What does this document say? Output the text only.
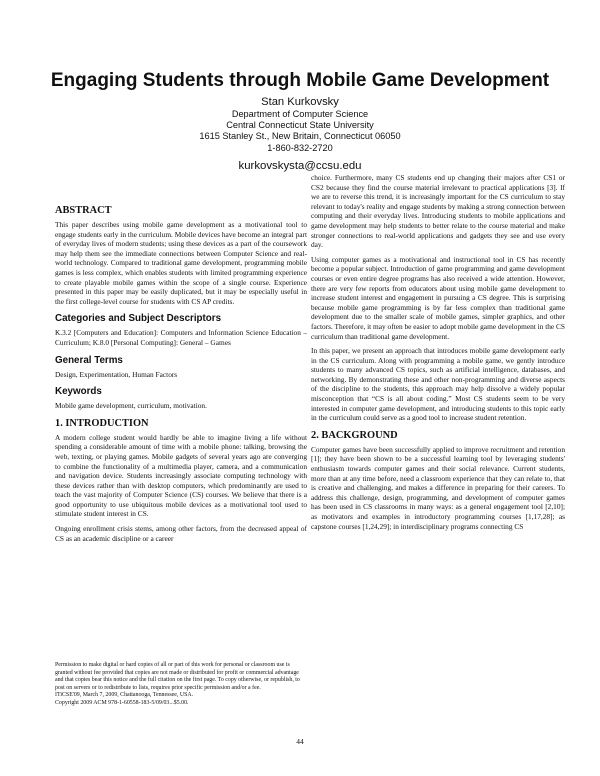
Engaging Students through Mobile Game Development
Stan Kurkovsky
Department of Computer Science
Central Connecticut State University
1615 Stanley St., New Britain, Connecticut 06050
1-860-832-2720
kurkovskysta@ccsu.edu
ABSTRACT

This paper describes using mobile game development as a motivational tool to engage students early in the curriculum. Mobile devices have become an integral part of everyday lives of modern students; using these devices as a part of the coursework may help them see the immediate connections between Computer Science and real-world technology. Compared to traditional game development, programming mobile games is less complex, which enables students with limited programming experience to create playable mobile games within the scope of a single course. Experience presented in this paper may be easily duplicated, but it may be especially useful in the first college-level course for students with CS AP credits.

Categories and Subject Descriptors

K.3.2 [Computers and Education]: Computers and Information Science Education – Curriculum; K.8.0 [Personal Computing]: General – Games

General Terms

Design, Experimentation, Human Factors

Keywords

Mobile game development, curriculum, motivation.

1. INTRODUCTION

A modern college student would hardly be able to imagine living a life without spending a considerable amount of time with a mobile phone: talking, browsing the web, texting, or playing games. Mobile gadgets of several years ago are converging to combine the functionality of a multimedia player, camera, and a communication and navigation device. Students increasingly associate computing technology with these devices rather than with desktop computers, which predominantly are used to teach the vast majority of Computer Science (CS) courses. We believe that there is a good opportunity to use ubiquitous mobile devices as a motivational tool used to stimulate student interest in CS.

Ongoing enrollment crisis stems, among other factors, from the decreased appeal of CS as an academic discipline or a career

Permission to make digital or hard copies of all or part of this work for personal or classroom use is granted without fee provided that copies are not made or distributed for profit or commercial advantage and that copies bear this notice and the full citation on the first page. To copy otherwise, or republish, to post on servers or to redistribute to lists, requires prior specific permission and/or a fee.

ITiCSE'09, March 7, 2009, Chattanooga, Tennessee, USA.

Copyright 2009 ACM 978-1-60558-183-5/09/03...$5.00.

choice. Furthermore, many CS students end up changing their majors after CS1 or CS2 because they find the course material irrelevant to practical applications [3]. If we are to reverse this trend, it is increasingly important for the CS curriculum to stay relevant to today's reality and engage students by making a strong connection between computing and their everyday lives. Introducing students to mobile applications and game development may help students to better relate to the course material and make stronger connections to real-world applications and gadgets they see and use every day.

Using computer games as a motivational and instructional tool in CS has recently become a popular subject. Introduction of game programming and game development courses or even entire degree programs has also received a wide attention. However, there are very few reports from educators about using mobile game development to increase student interest and engagement in pursuing a CS degree. This is surprising because mobile game programming is by far less complex than traditional game development due to the smaller scale of mobile games, simpler graphics, and other factors. Therefore, it may often be easier to adopt mobile game development in the CS curriculum than traditional game development.

In this paper, we present an approach that introduces mobile game development early in the CS curriculum. Along with programming a mobile game, we gently introduce students to many advanced CS topics, such as artificial intelligence, databases, and networking. By demonstrating these and other non-programming and diverse aspects of the discipline to the students, this approach may help dissolve a widely popular misconception that “CS is all about coding.” Most CS students seem to be very interested in computer game development, and introducing students to this topic early in the curriculum could serve as a good tool to increase student retention.

2. BACKGROUND

Computer games have been successfully applied to improve recruitment and retention [1]; they have been shown to be a successful learning tool by leveraging students' enthusiasm towards computer games and their social relevance. Current students, more than at any time before, need a classroom experience that they can relate to, that is creative and challenging, and makes a difference in preparing for their careers. To address this challenge, design, programming, and development of computer games has been used in CS classrooms in many ways: as a general engagement tool [2,10]; as motivators and examples in introductory programming courses [1,17,28]; as capstone courses [1,24,29]; in interdisciplinary programs connecting CS

44
